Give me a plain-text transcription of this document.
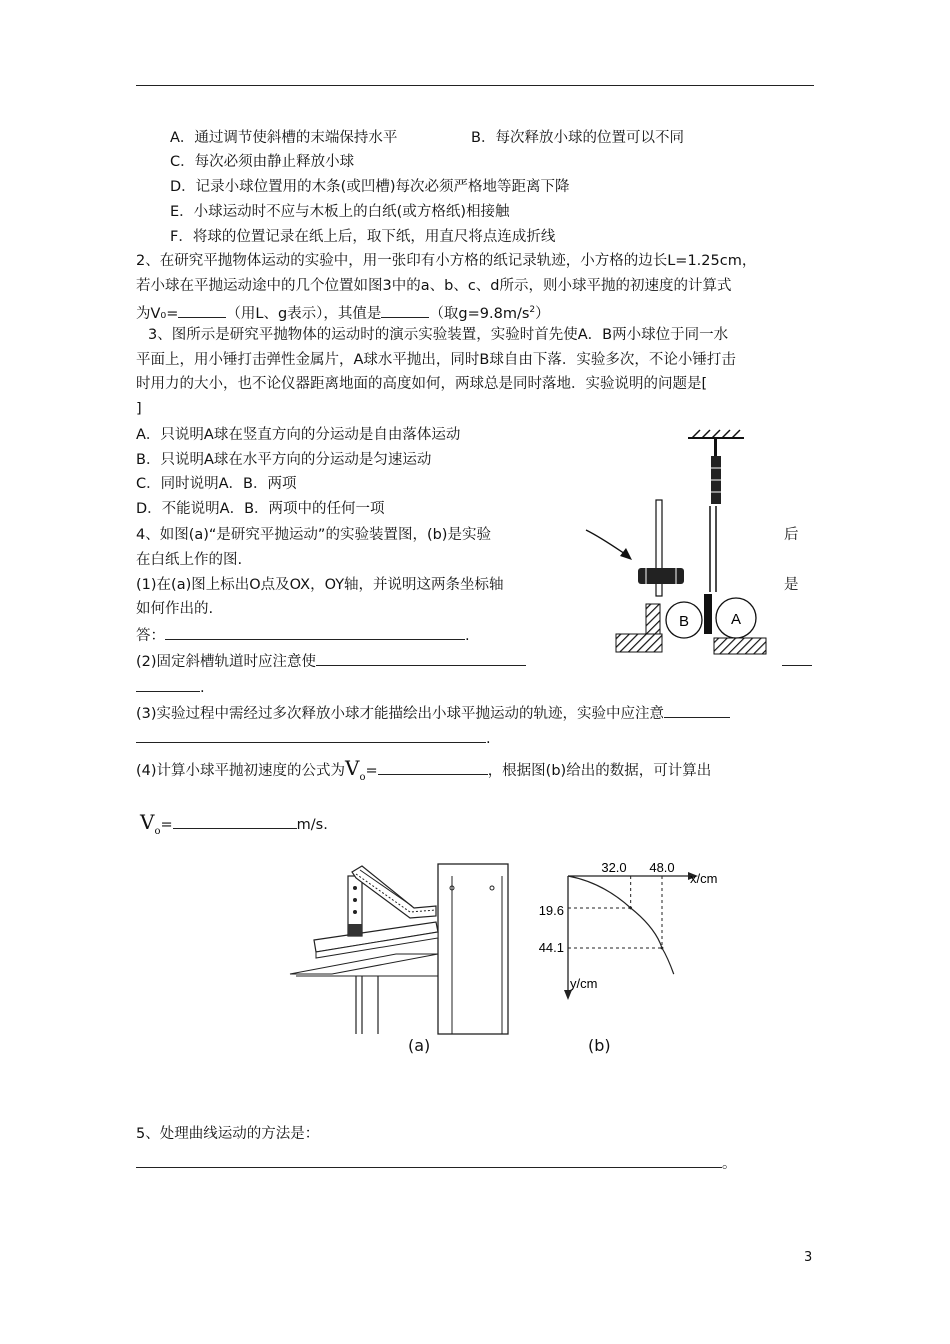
A．通过调节使斜槽的末端保持水平	B．每次释放小球的位置可以不同
C．每次必须由静止释放小球
D．记录小球位置用的木条(或凹槽)每次必须严格地等距离下降
E．小球运动时不应与木板上的白纸(或方格纸)相接触
F．将球的位置记录在纸上后，取下纸，用直尺将点连成折线
2、在研究平抛物体运动的实验中，用一张印有小方格的纸记录轨迹，小方格的边长L=1.25cm，
若小球在平抛运动途中的几个位置如图3中的a、b、c、d所示，则小球平抛的初速度的计算式
为V₀=	（用L、g表示），其值是	（取$g=9.8m/s^2$）
3、图所示是研究平抛物体的运动时的演示实验装置，实验时首先使A．B两小球位于同一水
平面上，用小锤打击弹性金属片，A球水平抛出，同时B球自由下落．实验多次，不论小锤打击
时用力的大小，也不论仪器距离地面的高度如何，两球总是同时落地．实验说明的问题是[
]
A．只说明A球在竖直方向的分运动是自由落体运动
B．只说明A球在水平方向的分运动是匀速运动
C．同时说明A．B．两项
D．不能说明A．B．两项中的任何一项
B	A
4、如图(a)“是研究平抛运动”的实验装置图，(b)是实验	后
在白纸上作的图.
(1)在(a)图上标出O点及OX，OY轴，并说明这两条坐标轴	是
如何作出的.
答：	.
(2)固定斜槽轨道时应注意使
.
(3)实验过程中需经过多次释放小球才能描绘出小球平抛运动的轨迹，实验中应注意
.
(4)计算小球平抛初速度的公式为$V_o=$	，根据图(b)给出的数据，可计算出
$V_o=$	m/s.
32.0 48.0
x/cm
19.6
44.1
y/cm
(a)	(b)
5、处理曲线运动的方法是：
。
3
